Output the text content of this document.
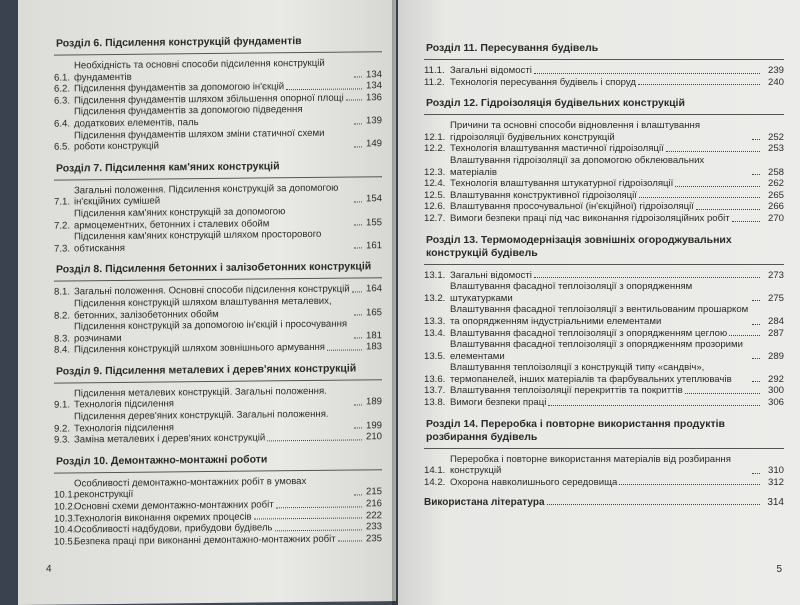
Розділ 6. Підсилення конструкцій фундаментів
6.1.
Необхідність та основні способи підсилення конструкцій фундаментів	134
6.2. Підсилення фундаментів за допомогою ін'єкцій	134
6.3. Підсилення фундаментів шляхом збільшення опорної площі 136
6.4.
Підсилення фундаментів за допомогою підведення додаткових елементів, паль	139
6.5.
Підсилення фундаментів шляхом зміни статичної схеми роботи конструкцій	149
Розділ 7. Підсилення кам'яних конструкцій
7.1.
Загальні положення. Підсилення конструкцій за допомогою ін'єкційних сумішей	154
7.2.
Підсилення кам'яних конструкцій за допомогою армоцементних, бетонних і сталевих обойм	155
7.3.
Підсилення кам'яних конструкцій шляхом просторового обтискання	161
Розділ 8. Підсилення бетонних і залізобетонних конструкцій
8.1. Загальні положення. Основні способи підсилення конструкцій 164
8.2.
Підсилення конструкцій шляхом влаштування металевих, бетонних, залізобетонних обойм	165
8.3.
Підсилення конструкцій за допомогою ін'єкцій і просочування розчинами	181
8.4. Підсилення конструкцій шляхом зовнішнього армування	183
Розділ 9. Підсилення металевих і дерев'яних конструкцій
9.1.
Підсилення металевих конструкцій. Загальні положення. Технологія підсилення	189
9.2.
Підсилення дерев'яних конструкцій. Загальні положення. Технологія підсилення	199
9.3. Заміна металевих і дерев'яних конструкцій	210
Розділ 10. Демонтажно-монтажні роботи
10.1.
Особливості демонтажно-монтажних робіт в умовах реконструкції	215
10.2.
Основні схеми демонтажно-монтажних робіт	216
10.3.
Технологія виконання окремих процесів	222
10.4.
Особливості надбудови, прибудови будівель	233
10.5.
Безпека праці при виконанні демонтажно-монтажних робіт	235
4
Розділ 11. Пересування будівель
11.1. Загальні відомості	239
11.2. Технологія пересування будівель і споруд	240
Розділ 12. Гідроізоляція будівельних конструкцій
12.1.
Причини та основні способи відновлення і влаштування гідроізоляції будівельних конструкцій	252
12.2. Технологія влаштування мастичної гідроізоляції	253
12.3.
Влаштування гідроізоляції за допомогою обклеювальних матеріалів	258
12.4. Технологія влаштування штукатурної гідроізоляції	262
12.5. Влаштування конструктивної гідроізоляції	265
12.6. Влаштування просочувальної (ін'єкційної) гідроізоляції	266
12.7. Вимоги безпеки праці під час виконання гідроізоляційних робіт	270
Розділ 13. Термомодернізація зовнішніх огороджувальних конструкцій будівель
13.1. Загальні відомості	273
13.2.
Влаштування фасадної теплоізоляції з опорядженням штукатурками	275
13.3.
Влаштування фасадної теплоізоляції з вентильованим прошарком та опорядженням індустріальними елементами	284
13.4. Влаштування фасадної теплоізоляції з опорядженням цеглою	287
13.5.
Влаштування фасадної теплоізоляції з опорядженням прозорими елементами	289
13.6.
Влаштування теплоізоляції з конструкцій типу «сандвіч», термопанелей, інших матеріалів та фарбувальних утеплювачів	292
13.7. Влаштування теплоізоляції перекриттів та покриттів	300
13.8. Вимоги безпеки праці	306
Розділ 14. Переробка і повторне використання продуктів розбирання будівель
14.1.
Переробка і повторне використання матеріалів від розбирання конструкцій	310
14.2. Охорона навколишнього середовища	312
Використана література	314
5
